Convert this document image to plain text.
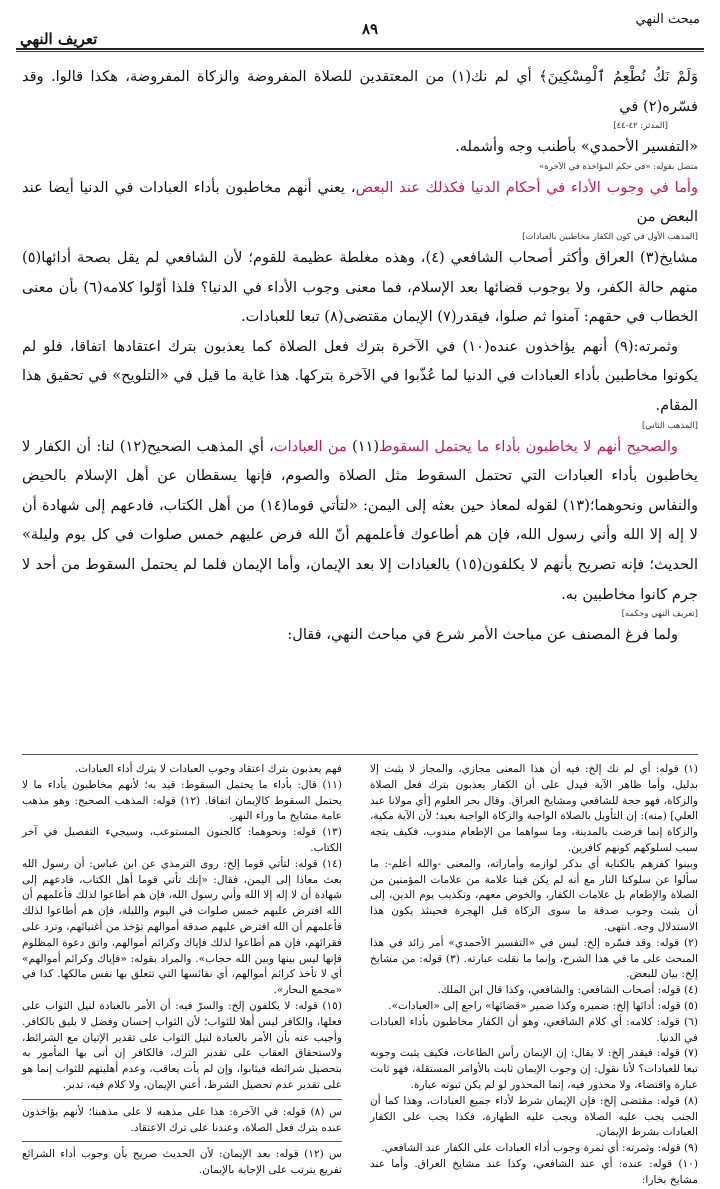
مبحث النهي
٨٩
تعريف النهي

وَلَمْ نَكُ نُطْعِمُ ٱلْمِسْكِينَ﴾ أي لم نك(١) من المعتقدين للصلاة المفروضة والزكاة المفروضة، هكذا قالوا. وقد فسّره(٢) في

[المدثر: ٤٢-٤٤]

«التفسير الأحمدي» بأطنب وجه وأشمله.

متصل بقوله: «في حكم المؤاخذة في الآخرة»

وأما في وجوب الأداء في أحكام الدنيا فكذلك عند البعض، يعني أنهم مخاطبون بأداء العبادات في الدنيا أيضا عند البعض من

[المذهب الأول في كون الكفار مخاطبين بالعبادات]

مشايخ(٣) العراق وأكثر أصحاب الشافعي (٤)، وهذه مغلطة عظيمة للقوم؛ لأن الشافعي لم يقل بصحة أدائها(٥) منهم حالة الكفر، ولا بوجوب قضائها بعد الإسلام، فما معنى وجوب الأداء في الدنيا؟ فلذا أوّلوا كلامه(٦) بأن معنى الخطاب في حقهم: آمنوا ثم صلوا، فيقدر(٧) الإيمان مقتضى(٨) تبعا للعبادات.

وثمرته:(٩) أنهم يؤاخذون عنده(١٠) في الآخرة بترك فعل الصلاة كما يعذبون بترك اعتقادها اتفاقا، فلو لم يكونوا مخاطبين بأداء العبادات في الدنيا لما عُذّبوا في الآخرة بتركها. هذا غاية ما قيل في «التلويح» في تحقيق هذا المقام.

[المذهب الثاني]

والصحيح أنهم لا يخاطبون بأداء ما يحتمل السقوط(١١) من العبادات، أي المذهب الصحيح(١٢) لنا: أن الكفار لا يخاطبون بأداء العبادات التي تحتمل السقوط مثل الصلاة والصوم، فإنها يسقطان عن أهل الإسلام بالحيض والنفاس ونحوهما؛(١٣) لقوله لمعاذ حين بعثه إلى اليمن: «لتأتي قوما(١٤) من أهل الكتاب، فادعهم إلى شهادة أن لا إله إلا الله وأني رسول الله، فإن هم أطاعوك فأعلمهم أنّ الله فرض عليهم خمس صلوات في كل يوم وليلة» الحديث؛ فإنه تصريح بأنهم لا يكلفون(١٥) بالعبادات إلا بعد الإيمان، وأما الإيمان فلما لم يحتمل السقوط من أحد لا جرم كانوا مخاطبين به.

[تعريف النهي وحكمه]

ولما فرغ المصنف عن مباحث الأمر شرع في مباحث النهي، فقال:

(١) قوله: أي لم نك إلخ: فيه أن هذا المعنى مجازي، والمجاز لا يثبت إلا بدليل، وأما ظاهر الآية فيدل على أن الكفار يعذبون بترك فعل الصلاة والزكاة، فهو حجة للشافعي ومشايخ العراق. وقال بحر العلوم [أي مولانا عبد العلي] (منه): إن التأويل بالصلاة الواجبة والزكاة الواجبة بعيد؛ لأن الآية مكية، والزكاة إنما فرضت بالمدينة، وما سواهما من الإطعام مندوب، فكيف يتجه سبب لسلوكهم كونهم كافرين.

وبينوا كفرهم بالكناية أي بذكر لوازمه وأماراته، والمعنى -والله أعلم-: ما سألوا عن سلوكنا النار مع أنه لم يكن فينا علامة من علامات المؤمنين من الصلاة والإطعام بل علامات الكفار، والخوض معهم، وتكذيب يوم الدين، إلى أن يثبت وجوب صدقة ما سوى الزكاة قبل الهجرة فحينئذ يكون هذا الاستدلال وجه. انتهى.

(٢) قوله: وقد فسّره إلخ: ليس في «التفسير الأحمدي» أمر زائد في هذا المبحث على ما في هذا الشرح، وإنما ما نقلت عبارته. (٣) قوله: من مشايخ إلخ: بيان للبعض.

(٤) قوله: أصحاب الشافعي: والشافعي، وكذا قال ابن الملك.

(٥) قوله: أدائها إلخ: ضميره وكذا ضمير «قضائها» راجع إلى «العبادات».

(٦) قوله: كلامه: أي كلام الشافعي، وهو أن الكفار مخاطبون بأداء العبادات في الدنيا.

(٧) قوله: فيقدر إلخ: لا يقال: إن الإيمان رأس الطاعات، فكيف يثبت وجوبه تبعا للعبادات؟ لأنا نقول: إن وجوب الإيمان ثابت بالأوامر المستقلة، فهو ثابت عبارة واقتضاء، ولا محذور فيه، إنما المحذور لو لم يكن ثبوته عبارة.

(٨) قوله: مقتضى إلخ: فإن الإيمان شرط لأداء جميع العبادات، وهذا كما أن الجنب يجب عليه الصلاة ويجب عليه الطهارة، فكذا يجب على الكفار العبادات بشرط الإيمان.

(٩) قوله: وثمرته: أي ثمرة وجوب أداء العبادات على الكفار عند الشافعي.

(١٠) قوله: عنده: أي عند الشافعي، وكذا عند مشايخ العراق. وأما عند مشايخ بخارا:

فهم يعذبون بترك اعتقاد وجوب العبادات لا بترك أداء العبادات.

(١١) قال: بأداء ما يحتمل السقوط: قيد به؛ لأنهم مخاطبون بأداء ما لا يحتمل السقوط كالإيمان اتفاقا. (١٢) قوله: المذهب الصحيح: وهو مذهب عامة مشايخ ما وراء النهر.

(١٣) قوله: ونحوهما: كالجنون المستوعب، وسيجيء التفصيل في آخر الكتاب.

(١٤) قوله: لتأتي قوما إلخ: روى الترمذي عن ابن عباس: أن رسول الله بعث معاذا إلى اليمن، فقال: «إنك تأتي قوما أهل الكتاب، فادعهم إلى شهادة أن لا إله إلا الله وأني رسول الله، فإن هم أطاعوا لذلك فأعلمهم أن الله افترض عليهم خمس صلوات في اليوم والليلة، فإن هم أطاعوا لذلك فأعلمهم أن الله افترض عليهم صدقة أموالهم تؤخذ من أغنيائهم، وترد على فقرائهم، فإن هم أطاعوا لذلك فإياك وكرائم أموالهم، واتق دعوة المظلوم فإنها ليس بينها وبين الله حجاب». والمراد بقوله: «فإياك وكرائم أموالهم» أي لا تأخذ كرائم أموالهم، أي نفائسها التي تتعلق بها نفس مالكها. كذا في «مجمع البحار».

(١٥) قوله: لا يكلفون إلخ: والسرّ فيه: أن الأمر بالعبادة لنيل الثواب على فعلها، والكافر ليس أهلا للثواب؛ لأن الثواب إحسان وفضل لا يليق بالكافر. وأجيب عنه بأن الأمر بالعبادة لنيل الثواب على تقدير الإتيان مع الشرائط، ولاستحقاق العقاب على تقدير الترك، فالكافر إن أتى بها المأمور به بتحصيل شرائطه فيثابوا، وإن لم يأت يعاقب، وعدم أهليتهم للثواب إنما هو على تقدير عدم تحصيل الشرط، أعني الإيمان، ولا كلام فيه، تدبر.

س (٨) قوله: في الآخرة: هذا على مذهبه لا على مذهبنا؛ لأنهم يؤاخذون عنده بترك فعل الصلاة، وعندنا على ترك الاعتقاد.

س (١٢) قوله: بعد الإيمان: لأن الحديث صريح بأن وجوب أداء الشرائع تفريع يترتب على الإجابة بالإيمان.
